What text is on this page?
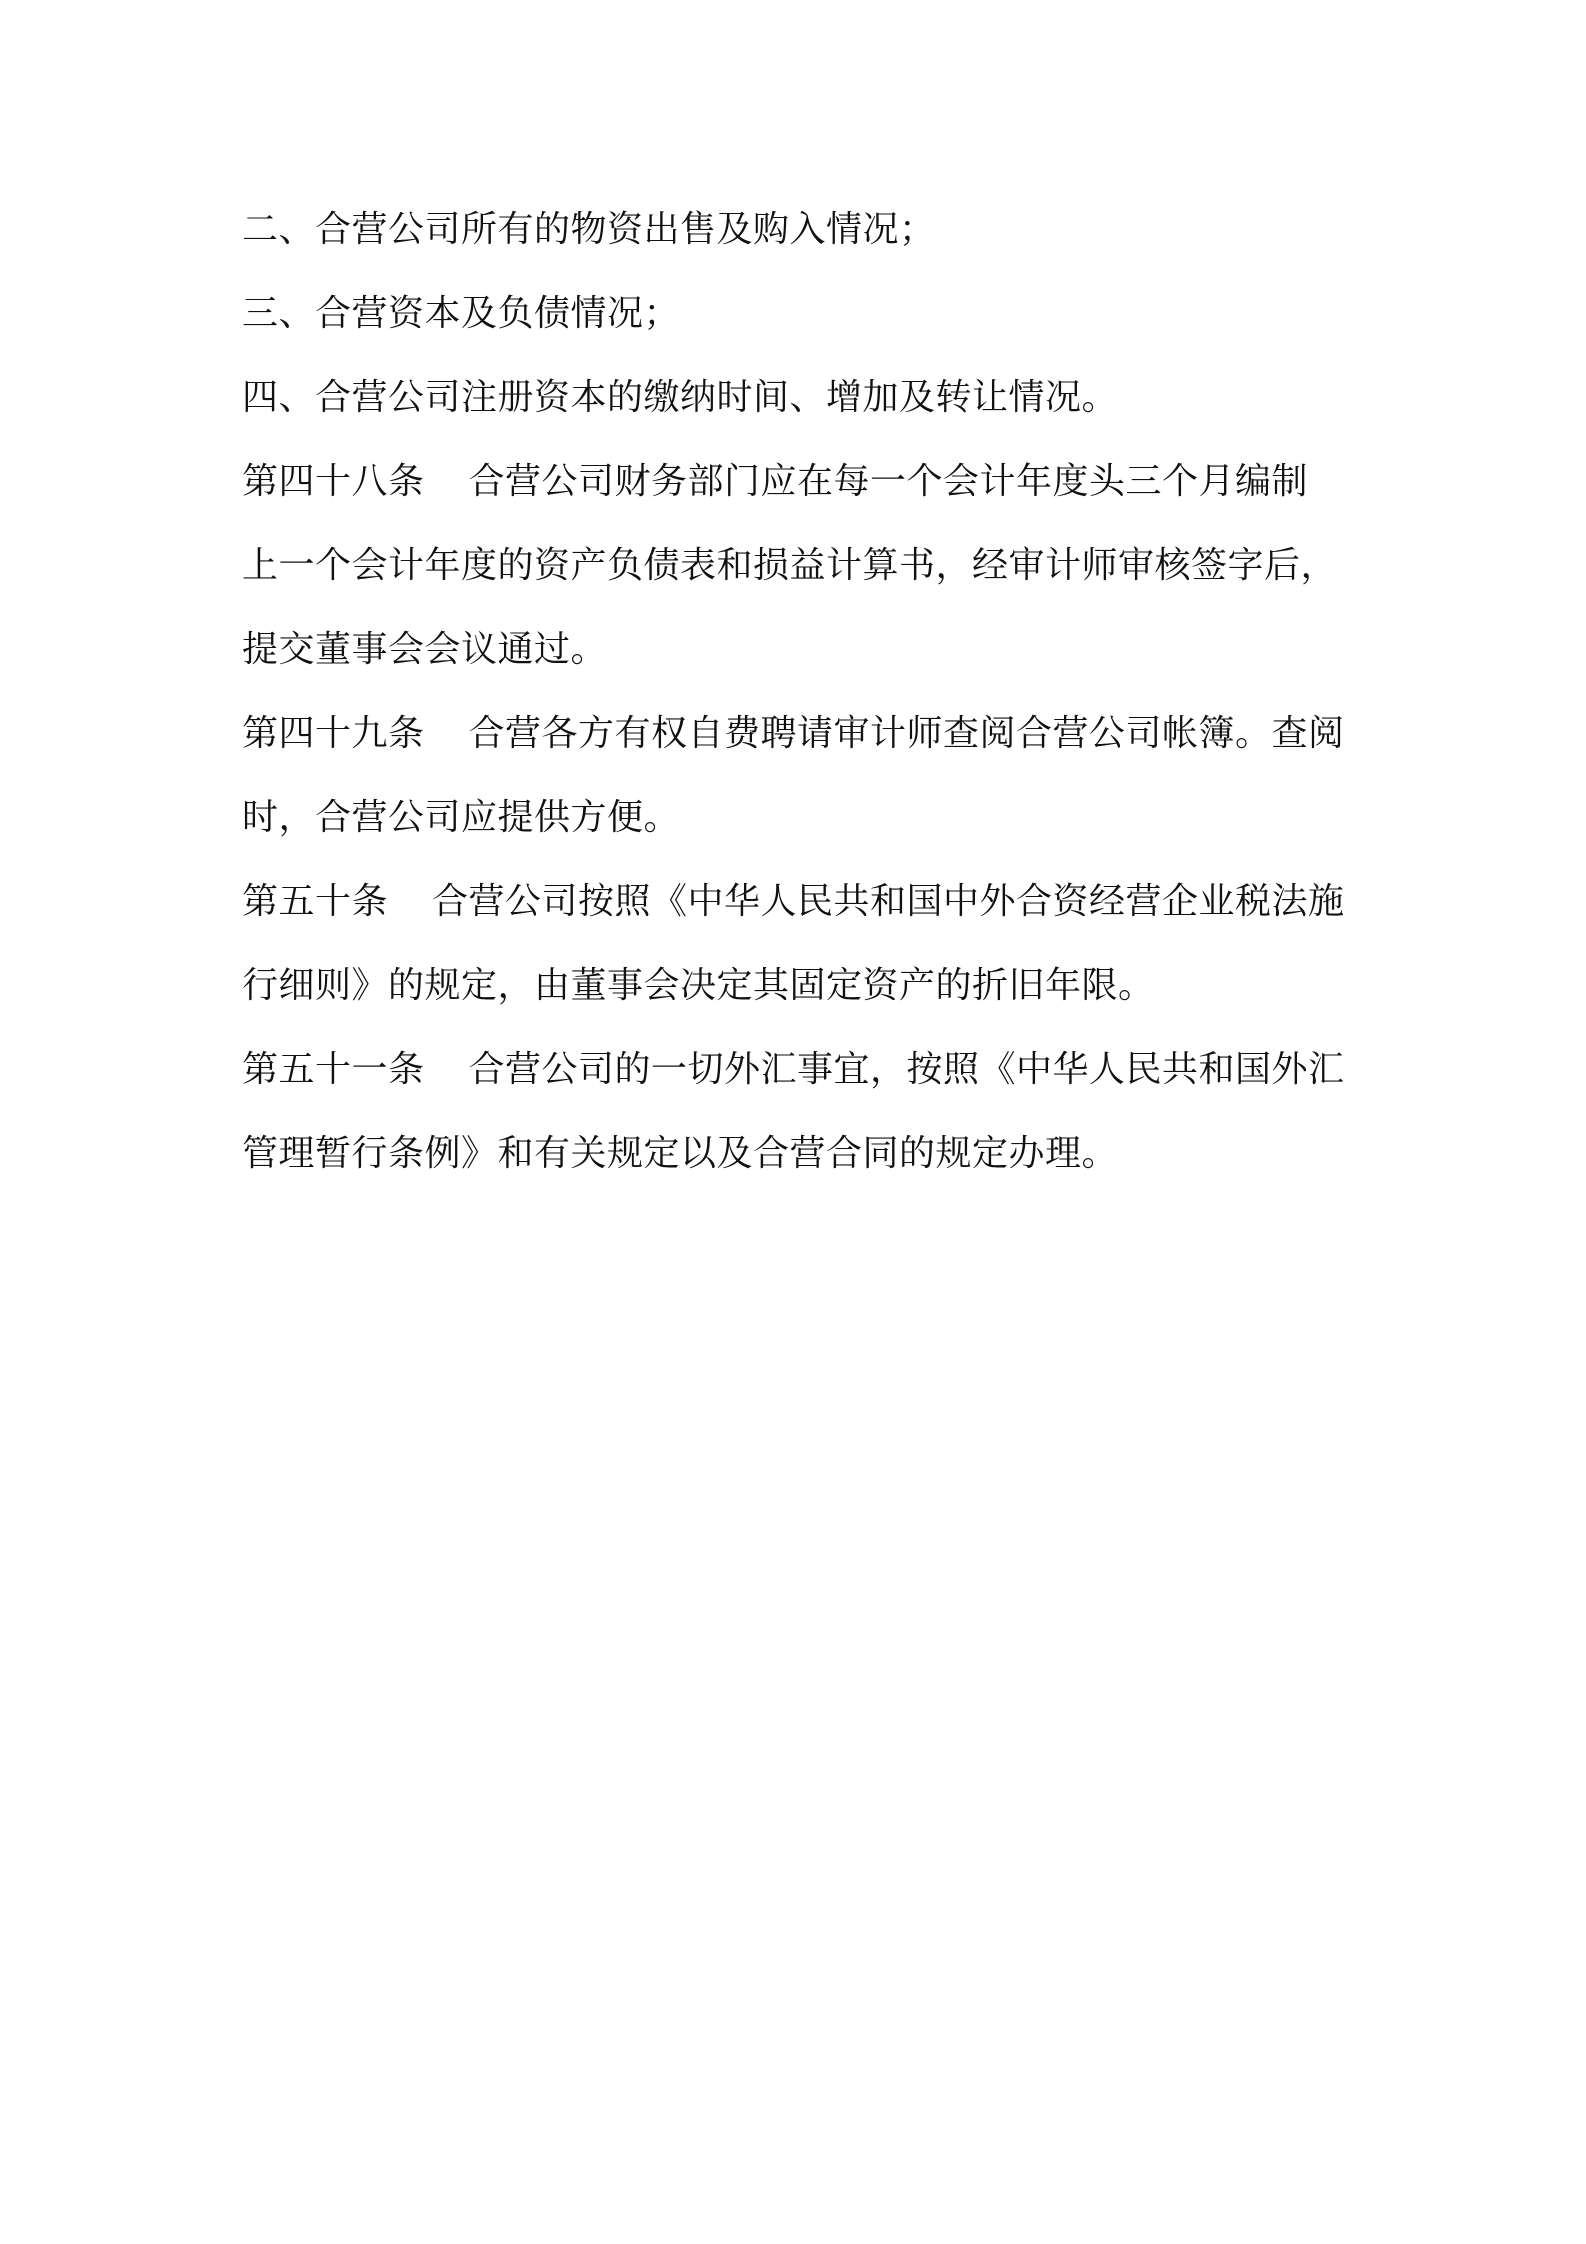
二、合营公司所有的物资出售及购入情况；
三、合营资本及负债情况；
四、合营公司注册资本的缴纳时间、增加及转让情况。
第四十八条 合营公司财务部门应在每一个会计年度头三个月编制
上一个会计年度的资产负债表和损益计算书，经审计师审核签字后，
提交董事会会议通过。
第四十九条 合营各方有权自费聘请审计师查阅合营公司帐簿。查阅
时，合营公司应提供方便。
第五十条 合营公司按照《中华人民共和国中外合资经营企业税法施
行细则》的规定，由董事会决定其固定资产的折旧年限。
第五十一条 合营公司的一切外汇事宜，按照《中华人民共和国外汇
管理暂行条例》和有关规定以及合营合同的规定办理。
